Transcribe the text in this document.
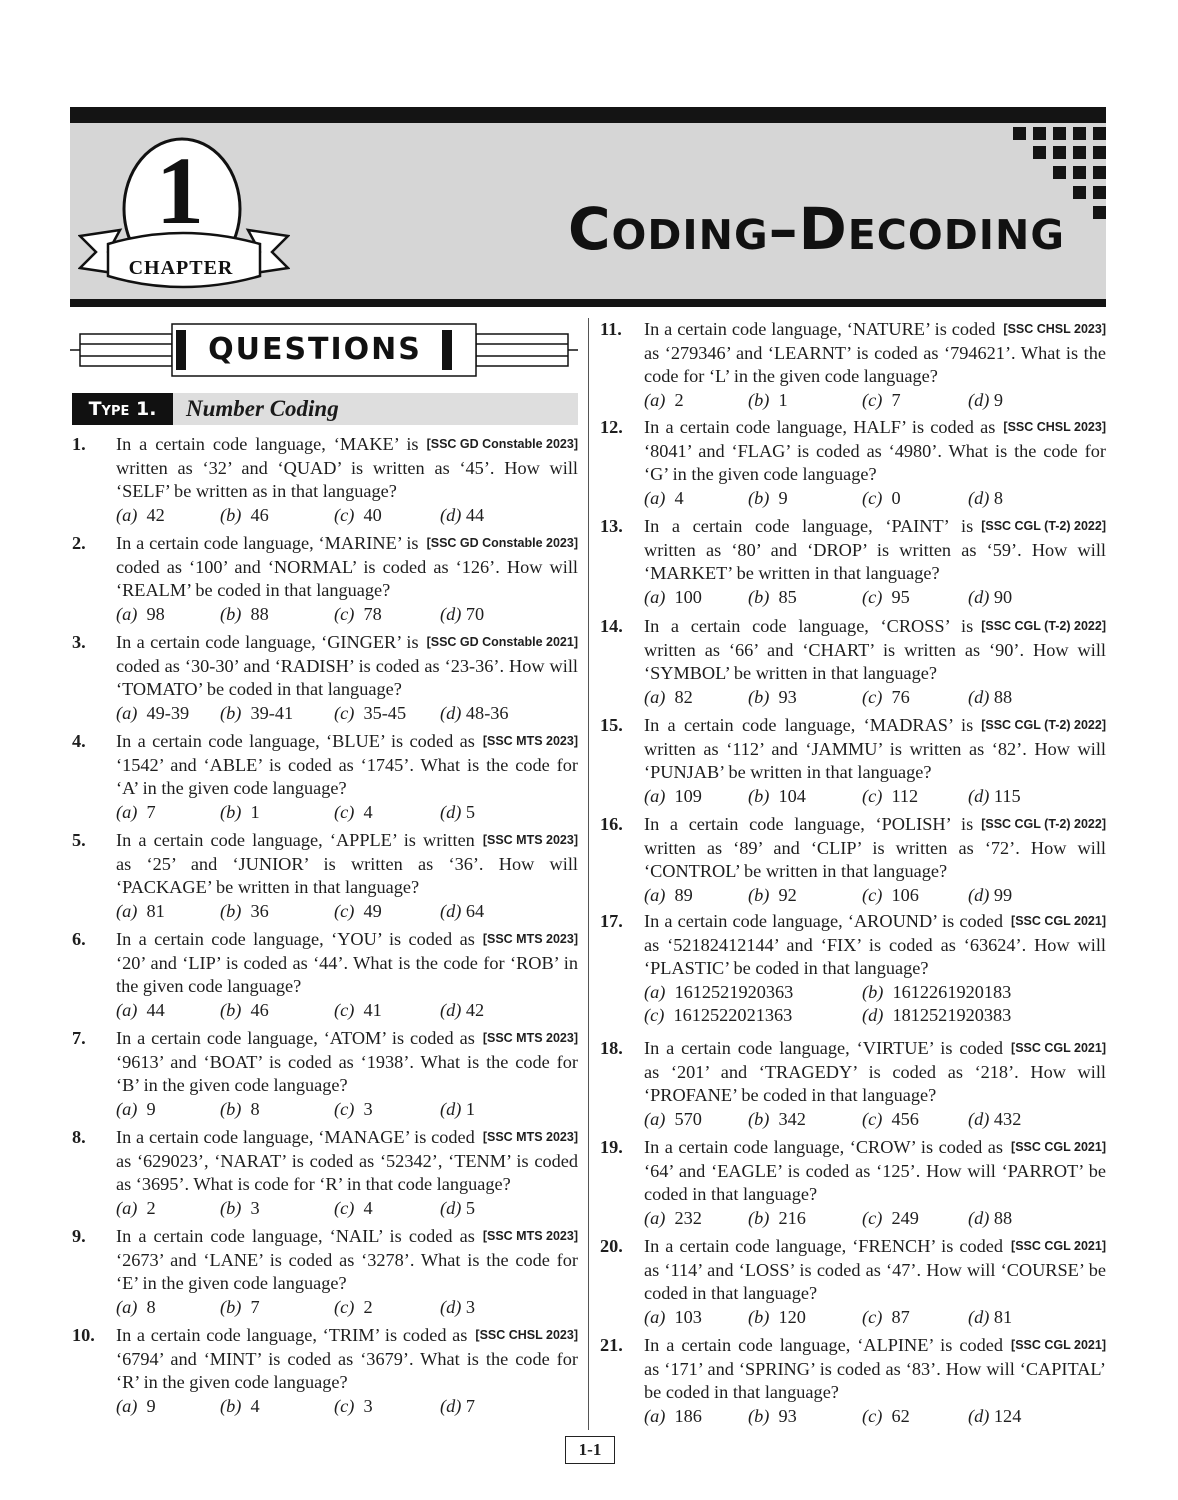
1
CHAPTER
Coding–Decoding
QUESTIONS
Type 1.	Number Coding
1.	[SSC GD Constable 2023]
In a certain code language, ‘MAKE’ is written as ‘32’ and ‘QUAD’ is written as ‘45’. How will ‘SELF’ be written as in that language?
(a) 42	(b) 46	(c) 40	(d) 44
2.	[SSC GD Constable 2023]
In a certain code language, ‘MARINE’ is coded as ‘100’ and ‘NORMAL’ is coded as ‘126’. How will ‘REALM’ be coded in that language?
(a) 98	(b) 88	(c) 78	(d) 70
3.	[SSC GD Constable 2021]
In a certain code language, ‘GINGER’ is coded as ‘30-30’ and ‘RADISH’ is coded as ‘23-36’. How will ‘TOMATO’ be coded in that language?
(a) 49-39 (b) 39-41 (c) 35-45 (d) 48-36
4.	[SSC MTS 2023]
In a certain code language, ‘BLUE’ is coded as ‘1542’ and ‘ABLE’ is coded as ‘1745’. What is the code for ‘A’ in the given code language?
(a) 7	(b) 1	(c) 4	(d) 5
5.	[SSC MTS 2023]
In a certain code language, ‘APPLE’ is written as ‘25’ and ‘JUNIOR’ is written as ‘36’. How will ‘PACKAGE’ be written in that language?
(a) 81	(b) 36	(c) 49	(d) 64
6.	[SSC MTS 2023]
In a certain code language, ‘YOU’ is coded as ‘20’ and ‘LIP’ is coded as ‘44’. What is the code for ‘ROB’ in the given code language?
(a) 44	(b) 46	(c) 41	(d) 42
7.	[SSC MTS 2023]
In a certain code language, ‘ATOM’ is coded as ‘9613’ and ‘BOAT’ is coded as ‘1938’. What is the code for ‘B’ in the given code language?
(a) 9	(b) 8	(c) 3	(d) 1
8.	[SSC MTS 2023]
In a certain code language, ‘MANAGE’ is coded as ‘629023’, ‘NARAT’ is coded as ‘52342’, ‘TENM’ is coded as ‘3695’. What is code for ‘R’ in that code language?
(a) 2	(b) 3	(c) 4	(d) 5
9.	[SSC MTS 2023]
In a certain code language, ‘NAIL’ is coded as ‘2673’ and ‘LANE’ is coded as ‘3278’. What is the code for ‘E’ in the given code language?
(a) 8	(b) 7	(c) 2	(d) 3
10.	[SSC CHSL 2023]
In a certain code language, ‘TRIM’ is coded as ‘6794’ and ‘MINT’ is coded as ‘3679’. What is the code for ‘R’ in the given code language?
(a) 9	(b) 4	(c) 3	(d) 7
11.	[SSC CHSL 2023]
In a certain code language, ‘NATURE’ is coded as ‘279346’ and ‘LEARNT’ is coded as ‘794621’. What is the code for ‘L’ in the given code language?
(a) 2	(b) 1	(c) 7	(d) 9
12.	[SSC CHSL 2023]
In a certain code language, HALF’ is coded as ‘8041’ and ‘FLAG’ is coded as ‘4980’. What is the code for ‘G’ in the given code language?
(a) 4	(b) 9	(c) 0	(d) 8
13.	[SSC CGL (T-2) 2022]
In a certain code language, ‘PAINT’ is written as ‘80’ and ‘DROP’ is written as ‘59’. How will ‘MARKET’ be written in that language?
(a) 100	(b) 85	(c) 95	(d) 90
14.	[SSC CGL (T-2) 2022]
In a certain code language, ‘CROSS’ is written as ‘66’ and ‘CHART’ is written as ‘90’. How will ‘SYMBOL’ be written in that language?
(a) 82	(b) 93	(c) 76	(d) 88
15.	[SSC CGL (T-2) 2022]
In a certain code language, ‘MADRAS’ is written as ‘112’ and ‘JAMMU’ is written as ‘82’. How will ‘PUNJAB’ be written in that language?
(a) 109	(b) 104	(c) 112	(d) 115
16.	[SSC CGL (T-2) 2022]
In a certain code language, ‘POLISH’ is written as ‘89’ and ‘CLIP’ is written as ‘72’. How will ‘CONTROL’ be written in that language?
(a) 89	(b) 92	(c) 106	(d) 99
17.	[SSC CGL 2021]
In a certain code language, ‘AROUND’ is coded as ‘52182412144’ and ‘FIX’ is coded as ‘63624’. How will ‘PLASTIC’ be coded in that language?
(a) 1612521920363	(b) 1612261920183
(c) 1612522021363	(d) 1812521920383
18.	[SSC CGL 2021]
In a certain code language, ‘VIRTUE’ is coded as ‘201’ and ‘TRAGEDY’ is coded as ‘218’. How will ‘PROFANE’ be coded in that language?
(a) 570	(b) 342	(c) 456	(d) 432
19.	[SSC CGL 2021]
In a certain code language, ‘CROW’ is coded as ‘64’ and ‘EAGLE’ is coded as ‘125’. How will ‘PARROT’ be coded in that language?
(a) 232	(b) 216	(c) 249	(d) 88
20.	[SSC CGL 2021]
In a certain code language, ‘FRENCH’ is coded as ‘114’ and ‘LOSS’ is coded as ‘47’. How will ‘COURSE’ be coded in that language?
(a) 103	(b) 120	(c) 87	(d) 81
21.	[SSC CGL 2021]
In a certain code language, ‘ALPINE’ is coded as ‘171’ and ‘SPRING’ is coded as ‘83’. How will ‘CAPITAL’ be coded in that language?
(a) 186	(b) 93	(c) 62	(d) 124
1-1
